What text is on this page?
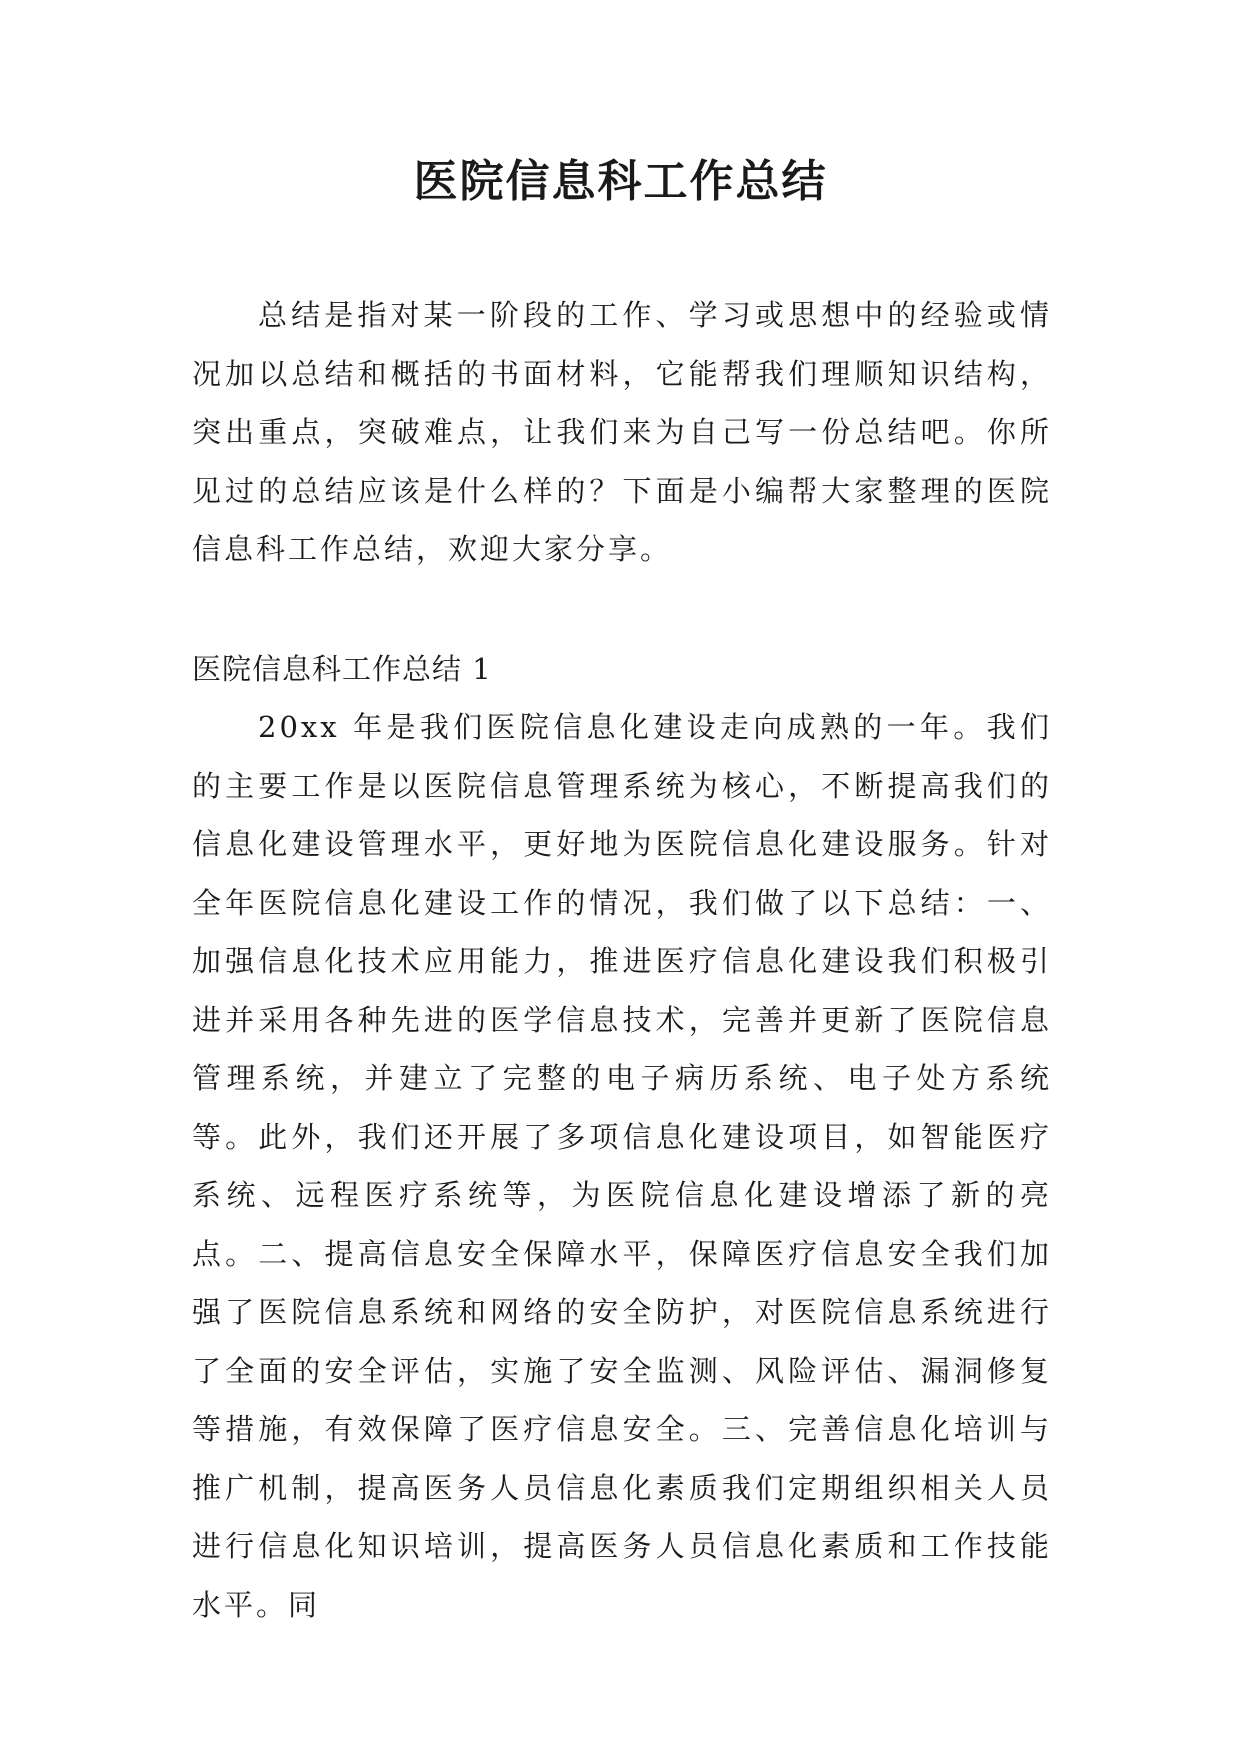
医院信息科工作总结

总结是指对某一阶段的工作、学习或思想中的经验或情况加以总结和概括的书面材料，它能帮我们理顺知识结构，突出重点，突破难点，让我们来为自己写一份总结吧。你所见过的总结应该是什么样的？下面是小编帮大家整理的医院信息科工作总结，欢迎大家分享。

医院信息科工作总结 1

20xx 年是我们医院信息化建设走向成熟的一年。我们的主要工作是以医院信息管理系统为核心，不断提高我们的信息化建设管理水平，更好地为医院信息化建设服务。针对全年医院信息化建设工作的情况，我们做了以下总结：一、加强信息化技术应用能力，推进医疗信息化建设我们积极引进并采用各种先进的医学信息技术，完善并更新了医院信息管理系统，并建立了完整的电子病历系统、电子处方系统等。此外，我们还开展了多项信息化建设项目，如智能医疗系统、远程医疗系统等，为医院信息化建设增添了新的亮点。二、提高信息安全保障水平，保障医疗信息安全我们加强了医院信息系统和网络的安全防护，对医院信息系统进行了全面的安全评估，实施了安全监测、风险评估、漏洞修复等措施，有效保障了医疗信息安全。三、完善信息化培训与推广机制，提高医务人员信息化素质我们定期组织相关人员进行信息化知识培训，提高医务人员信息化素质和工作技能水平。同
